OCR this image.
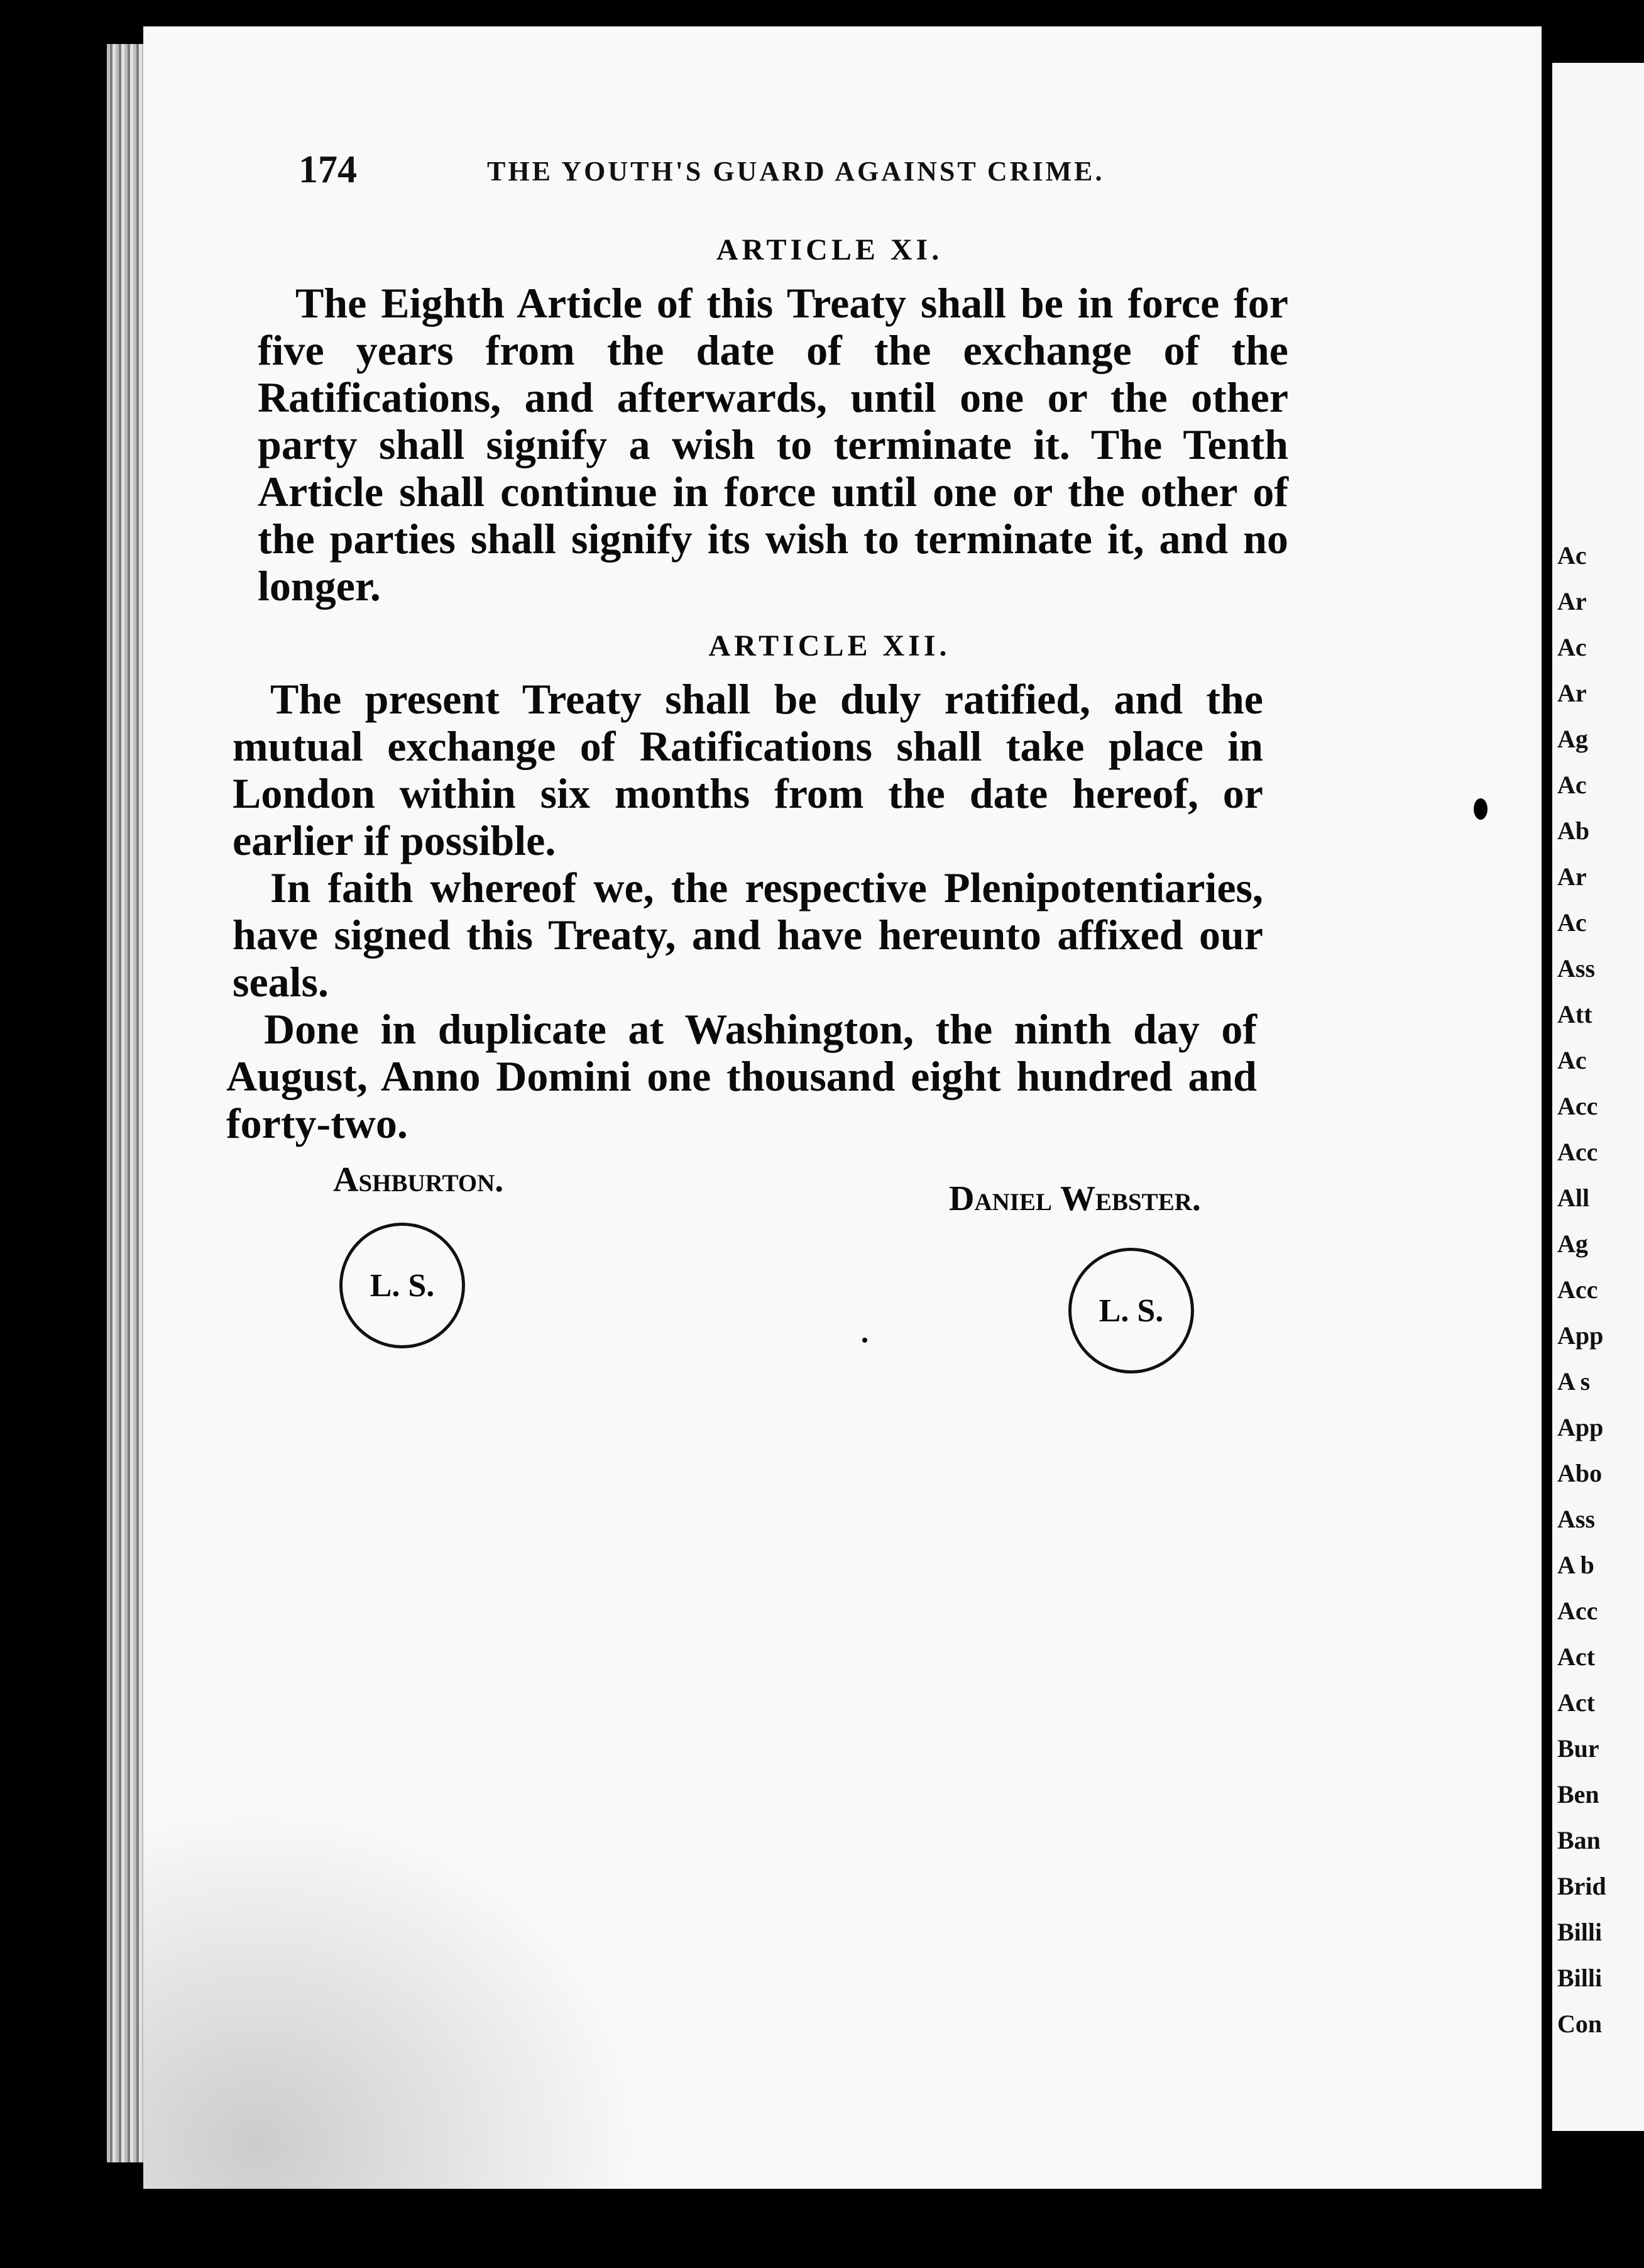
174	THE YOUTH'S GUARD AGAINST CRIME.

ARTICLE XI.

The Eighth Article of this Treaty shall be in force for five years from the date of the exchange of the Ratifications, and afterwards, until one or the other party shall signify a wish to terminate it. The Tenth Article shall continue in force until one or the other of the parties shall signify its wish to terminate it, and no longer.

ARTICLE XII.

The present Treaty shall be duly ratified, and the mutual exchange of Ratifications shall take place in London within six months from the date hereof, or earlier if possible.

In faith whereof we, the respective Plenipotentiaries, have signed this Treaty, and have hereunto affixed our seals.

Done in duplicate at Washington, the ninth day of August, Anno Domini one thousand eight hundred and forty-two.

Ashburton.	Daniel Webster.
L. S.
L. S.
Ac
Ar
Ac
Ar
Ag
Ac
Ab
Ar
Ac
Ass
Att
Ac
Acc
Acc
All
Ag
Acc
App
A s
App
Abo
Ass
A b
Acc
Act
Act
Bur
Ben
Ban
Brid
Billi
Billi
Con
